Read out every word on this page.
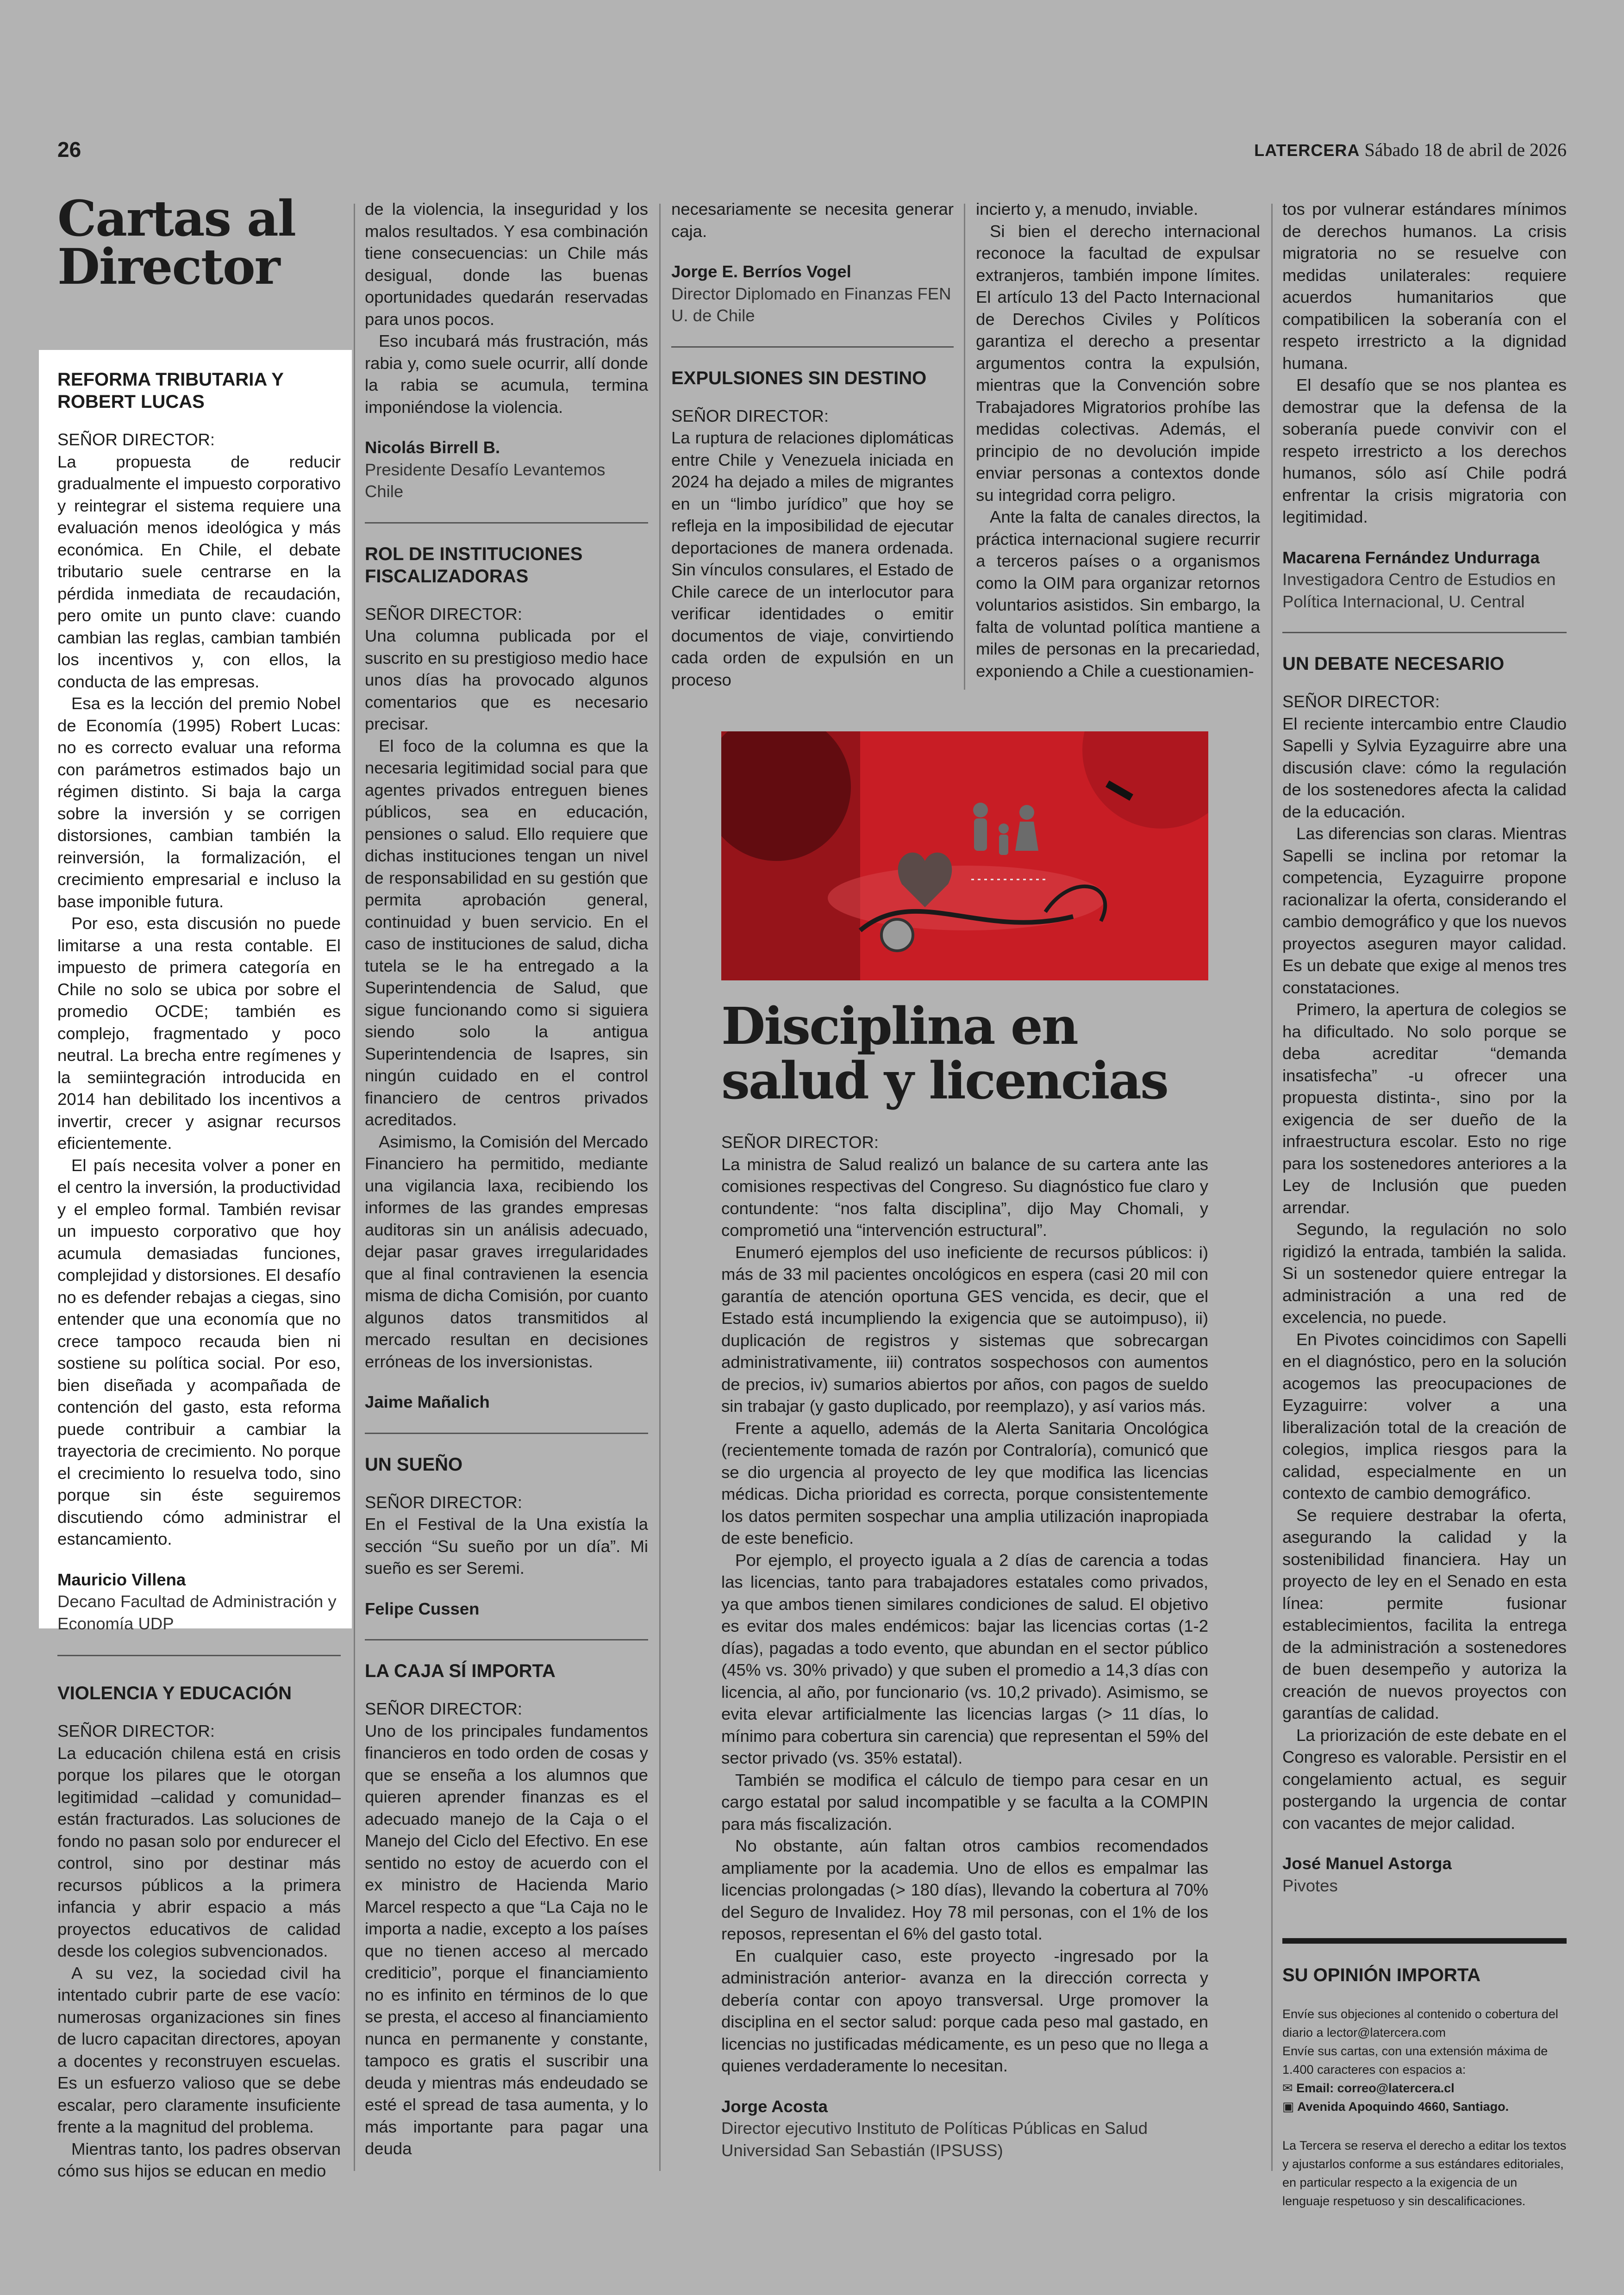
26	LATERCERA Sábado 18 de abril de 2026
Cartas al Director
REFORMA TRIBUTARIA Y ROBERT LUCAS
SEÑOR DIRECTOR:

La propuesta de reducir gradualmente el impuesto corporativo y reintegrar el sistema requiere una evaluación menos ideológica y más económica. En Chile, el debate tributario suele centrarse en la pérdida inmediata de recaudación, pero omite un punto clave: cuando cambian las reglas, cambian también los incentivos y, con ellos, la conducta de las empresas.

Esa es la lección del premio Nobel de Economía (1995) Robert Lucas: no es correcto evaluar una reforma con parámetros estimados bajo un régimen distinto. Si baja la carga sobre la inversión y se corrigen distorsiones, cambian también la reinversión, la formalización, el crecimiento empresarial e incluso la base imponible futura.

Por eso, esta discusión no puede limitarse a una resta contable. El impuesto de primera categoría en Chile no solo se ubica por sobre el promedio OCDE; también es complejo, fragmentado y poco neutral. La brecha entre regímenes y la semiintegración introducida en 2014 han debilitado los incentivos a invertir, crecer y asignar recursos eficientemente.

El país necesita volver a poner en el centro la inversión, la productividad y el empleo formal. También revisar un impuesto corporativo que hoy acumula demasiadas funciones, complejidad y distorsiones. El desafío no es defender rebajas a ciegas, sino entender que una economía que no crece tampoco recauda bien ni sostiene su política social. Por eso, bien diseñada y acompañada de contención del gasto, esta reforma puede contribuir a cambiar la trayectoria de crecimiento. No porque el crecimiento lo resuelva todo, sino porque sin éste seguiremos discutiendo cómo administrar el estancamiento.

Mauricio Villena
Decano Facultad de Administración y Economía UDP
VIOLENCIA Y EDUCACIÓN
SEÑOR DIRECTOR:

La educación chilena está en crisis porque los pilares que le otorgan legitimidad –calidad y comunidad– están fracturados. Las soluciones de fondo no pasan solo por endurecer el control, sino por destinar más recursos públicos a la primera infancia y abrir espacio a más proyectos educativos de calidad desde los colegios subvencionados.

A su vez, la sociedad civil ha intentado cubrir parte de ese vacío: numerosas organizaciones sin fines de lucro capacitan directores, apoyan a docentes y reconstruyen escuelas. Es un esfuerzo valioso que se debe escalar, pero claramente insuficiente frente a la magnitud del problema.

Mientras tanto, los padres observan cómo sus hijos se educan en medio

de la violencia, la inseguridad y los malos resultados. Y esa combinación tiene consecuencias: un Chile más desigual, donde las buenas oportunidades quedarán reservadas para unos pocos.

Eso incubará más frustración, más rabia y, como suele ocurrir, allí donde la rabia se acumula, termina imponiéndose la violencia.

Nicolás Birrell B.
Presidente Desafío Levantemos Chile
ROL DE INSTITUCIONES FISCALIZADORAS
SEÑOR DIRECTOR:

Una columna publicada por el suscrito en su prestigioso medio hace unos días ha provocado algunos comentarios que es necesario precisar.

El foco de la columna es que la necesaria legitimidad social para que agentes privados entreguen bienes públicos, sea en educación, pensiones o salud. Ello requiere que dichas instituciones tengan un nivel de responsabilidad en su gestión que permita aprobación general, continuidad y buen servicio. En el caso de instituciones de salud, dicha tutela se le ha entregado a la Superintendencia de Salud, que sigue funcionando como si siguiera siendo solo la antigua Superintendencia de Isapres, sin ningún cuidado en el control financiero de centros privados acreditados.

Asimismo, la Comisión del Mercado Financiero ha permitido, mediante una vigilancia laxa, recibiendo los informes de las grandes empresas auditoras sin un análisis adecuado, dejar pasar graves irregularidades que al final contravienen la esencia misma de dicha Comisión, por cuanto algunos datos transmitidos al mercado resultan en decisiones erróneas de los inversionistas.

Jaime Mañalich
UN SUEÑO
SEÑOR DIRECTOR:

En el Festival de la Una existía la sección “Su sueño por un día”. Mi sueño es ser Seremi.

Felipe Cussen
LA CAJA SÍ IMPORTA
SEÑOR DIRECTOR:

Uno de los principales fundamentos financieros en todo orden de cosas y que se enseña a los alumnos que quieren aprender finanzas es el adecuado manejo de la Caja o el Manejo del Ciclo del Efectivo. En ese sentido no estoy de acuerdo con el ex ministro de Hacienda Mario Marcel respecto a que “La Caja no le importa a nadie, excepto a los países que no tienen acceso al mercado crediticio”, porque el financiamiento no es infinito en términos de lo que se presta, el acceso al financiamiento nunca en permanente y constante, tampoco es gratis el suscribir una deuda y mientras más endeudado se esté el spread de tasa aumenta, y lo más importante para pagar una deuda

necesariamente se necesita generar caja.

Jorge E. Berríos Vogel
Director Diplomado en Finanzas FEN U. de Chile
EXPULSIONES SIN DESTINO
SEÑOR DIRECTOR:

La ruptura de relaciones diplomáticas entre Chile y Venezuela iniciada en 2024 ha dejado a miles de migrantes en un “limbo jurídico” que hoy se refleja en la imposibilidad de ejecutar deportaciones de manera ordenada. Sin vínculos consulares, el Estado de Chile carece de un interlocutor para verificar identidades o emitir documentos de viaje, convirtiendo cada orden de expulsión en un proceso

incierto y, a menudo, inviable.

Si bien el derecho internacional reconoce la facultad de expulsar extranjeros, también impone límites. El artículo 13 del Pacto Internacional de Derechos Civiles y Políticos garantiza el derecho a presentar argumentos contra la expulsión, mientras que la Convención sobre Trabajadores Migratorios prohíbe las medidas colectivas. Además, el principio de no devolución impide enviar personas a contextos donde su integridad corra peligro.

Ante la falta de canales directos, la práctica internacional sugiere recurrir a terceros países o a organismos como la OIM para organizar retornos voluntarios asistidos. Sin embargo, la falta de voluntad política mantiene a miles de personas en la precariedad, exponiendo a Chile a cuestionamien-

Disciplina en salud y licencias
SEÑOR DIRECTOR:

La ministra de Salud realizó un balance de su cartera ante las comisiones respectivas del Congreso. Su diagnóstico fue claro y contundente: “nos falta disciplina”, dijo May Chomali, y comprometió una “intervención estructural”.

Enumeró ejemplos del uso ineficiente de recursos públicos: i) más de 33 mil pacientes oncológicos en espera (casi 20 mil con garantía de atención oportuna GES vencida, es decir, que el Estado está incumpliendo la exigencia que se autoimpuso), ii) duplicación de registros y sistemas que sobrecargan administrativamente, iii) contratos sospechosos con aumentos de precios, iv) sumarios abiertos por años, con pagos de sueldo sin trabajar (y gasto duplicado, por reemplazo), y así varios más.

Frente a aquello, además de la Alerta Sanitaria Oncológica (recientemente tomada de razón por Contraloría), comunicó que se dio urgencia al proyecto de ley que modifica las licencias médicas. Dicha prioridad es correcta, porque consistentemente los datos permiten sospechar una amplia utilización inapropiada de este beneficio.

Por ejemplo, el proyecto iguala a 2 días de carencia a todas las licencias, tanto para trabajadores estatales como privados, ya que ambos tienen similares condiciones de salud. El objetivo es evitar dos males endémicos: bajar las licencias cortas (1-2 días), pagadas a todo evento, que abundan en el sector público (45% vs. 30% privado) y que suben el promedio a 14,3 días con licencia, al año, por funcionario (vs. 10,2 privado). Asimismo, se evita elevar artificialmente las licencias largas (> 11 días, lo mínimo para cobertura sin carencia) que representan el 59% del sector privado (vs. 35% estatal).

También se modifica el cálculo de tiempo para cesar en un cargo estatal por salud incompatible y se faculta a la COMPIN para más fiscalización.

No obstante, aún faltan otros cambios recomendados ampliamente por la academia. Uno de ellos es empalmar las licencias prolongadas (> 180 días), llevando la cobertura al 70% del Seguro de Invalidez. Hoy 78 mil personas, con el 1% de los reposos, representan el 6% del gasto total.

En cualquier caso, este proyecto -ingresado por la administración anterior- avanza en la dirección correcta y debería contar con apoyo transversal. Urge promover la disciplina en el sector salud: porque cada peso mal gastado, en licencias no justificadas médicamente, es un peso que no llega a quienes verdaderamente lo necesitan.

Jorge Acosta
Director ejecutivo Instituto de Políticas Públicas en Salud Universidad San Sebastián (IPSUSS)

tos por vulnerar estándares mínimos de derechos humanos. La crisis migratoria no se resuelve con medidas unilaterales: requiere acuerdos humanitarios que compatibilicen la soberanía con el respeto irrestricto a la dignidad humana.

El desafío que se nos plantea es demostrar que la defensa de la soberanía puede convivir con el respeto irrestricto a los derechos humanos, sólo así Chile podrá enfrentar la crisis migratoria con legitimidad.

Macarena Fernández Undurraga
Investigadora Centro de Estudios en Política Internacional, U. Central
UN DEBATE NECESARIO
SEÑOR DIRECTOR:

El reciente intercambio entre Claudio Sapelli y Sylvia Eyzaguirre abre una discusión clave: cómo la regulación de los sostenedores afecta la calidad de la educación.

Las diferencias son claras. Mientras Sapelli se inclina por retomar la competencia, Eyzaguirre propone racionalizar la oferta, considerando el cambio demográfico y que los nuevos proyectos aseguren mayor calidad. Es un debate que exige al menos tres constataciones.

Primero, la apertura de colegios se ha dificultado. No solo porque se deba acreditar “demanda insatisfecha” -u ofrecer una propuesta distinta-, sino por la exigencia de ser dueño de la infraestructura escolar. Esto no rige para los sostenedores anteriores a la Ley de Inclusión que pueden arrendar.

Segundo, la regulación no solo rigidizó la entrada, también la salida. Si un sostenedor quiere entregar la administración a una red de excelencia, no puede.

En Pivotes coincidimos con Sapelli en el diagnóstico, pero en la solución acogemos las preocupaciones de Eyzaguirre: volver a una liberalización total de la creación de colegios, implica riesgos para la calidad, especialmente en un contexto de cambio demográfico.

Se requiere destrabar la oferta, asegurando la calidad y la sostenibilidad financiera. Hay un proyecto de ley en el Senado en esta línea: permite fusionar establecimientos, facilita la entrega de la administración a sostenedores de buen desempeño y autoriza la creación de nuevos proyectos con garantías de calidad.

La priorización de este debate en el Congreso es valorable. Persistir en el congelamiento actual, es seguir postergando la urgencia de contar con vacantes de mejor calidad.

José Manuel Astorga
Pivotes
SU OPINIÓN IMPORTA
Envíe sus objeciones al contenido o cobertura del diario a lector@latercera.com
Envíe sus cartas, con una extensión máxima de 1.400 caracteres con espacios a:
✉ Email: correo@latercera.cl
▣ Avenida Apoquindo 4660, Santiago.
La Tercera se reserva el derecho a editar los textos y ajustarlos conforme a sus estándares editoriales, en particular respecto a la exigencia de un lenguaje respetuoso y sin descalificaciones.
